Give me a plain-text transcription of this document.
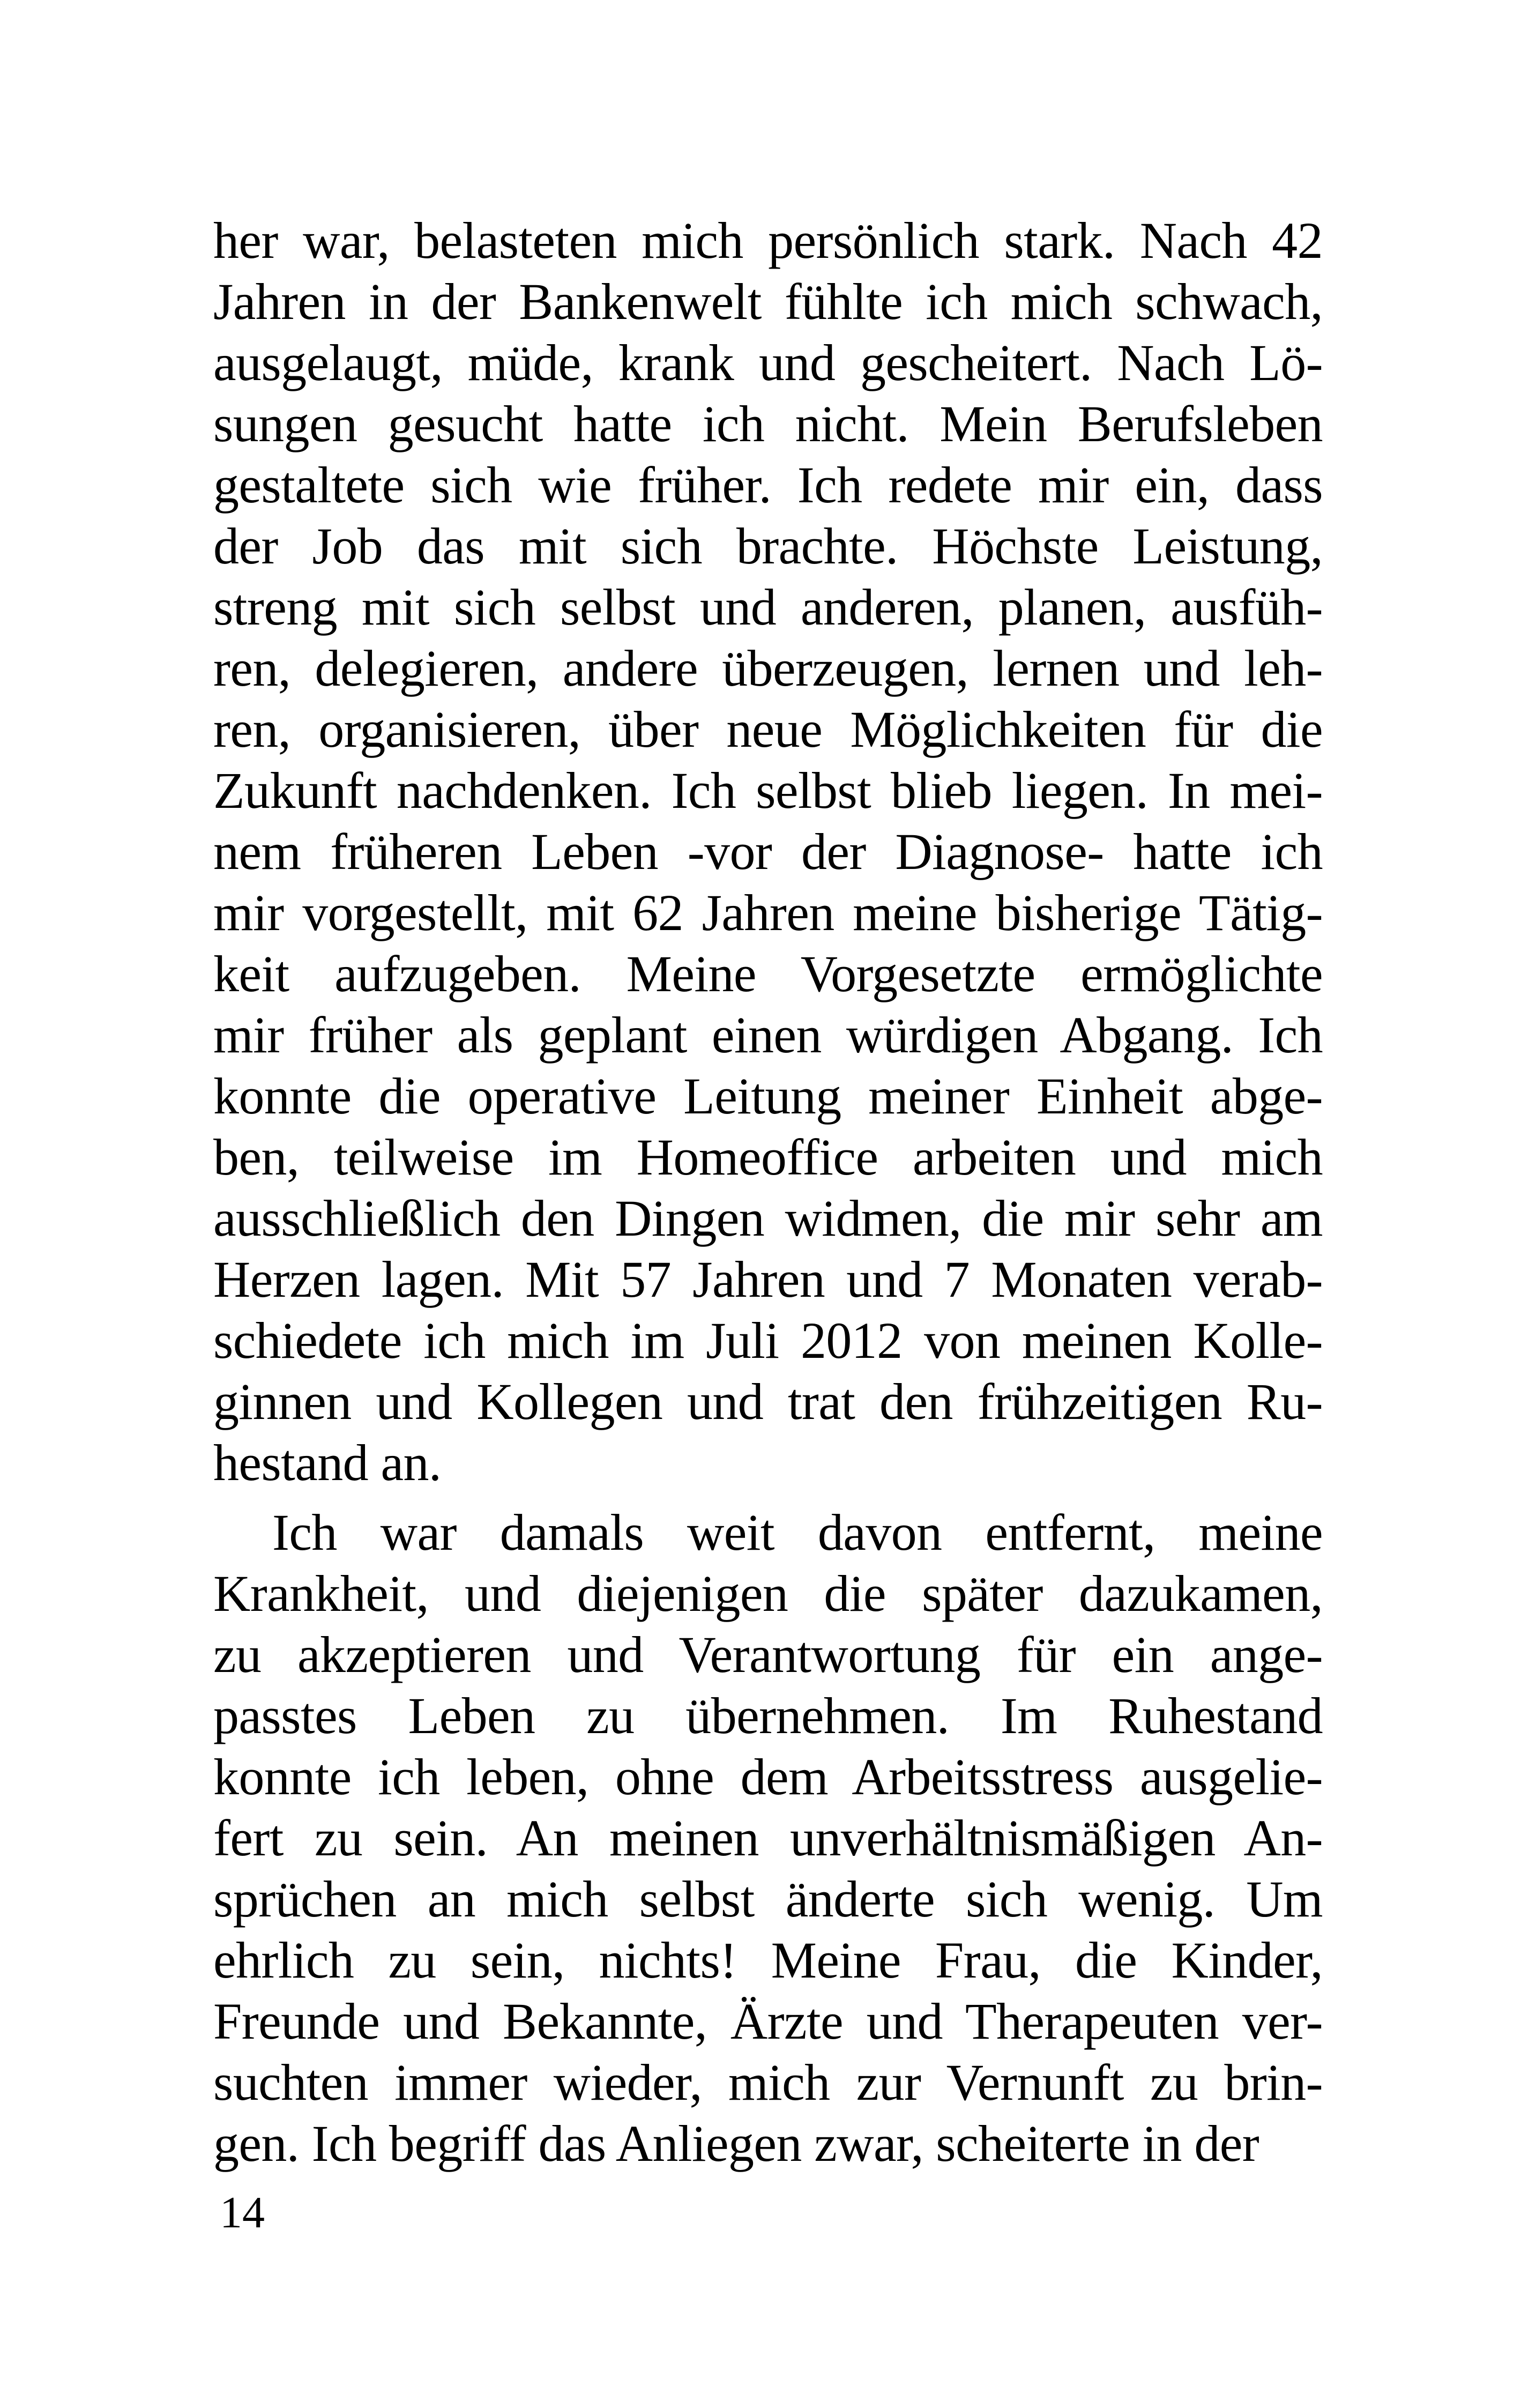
her war, belasteten mich persönlich stark. Nach 42
Jahren in der Bankenwelt fühlte ich mich schwach,
ausgelaugt, müde, krank und gescheitert. Nach Lö-
sungen gesucht hatte ich nicht. Mein Berufsleben
gestaltete sich wie früher. Ich redete mir ein, dass
der Job das mit sich brachte. Höchste Leistung,
streng mit sich selbst und anderen, planen, ausfüh-
ren, delegieren, andere überzeugen, lernen und leh-
ren, organisieren, über neue Möglichkeiten für die
Zukunft nachdenken. Ich selbst blieb liegen. In mei-
nem früheren Leben -vor der Diagnose- hatte ich
mir vorgestellt, mit 62 Jahren meine bisherige Tätig-
keit aufzugeben. Meine Vorgesetzte ermöglichte
mir früher als geplant einen würdigen Abgang. Ich
konnte die operative Leitung meiner Einheit abge-
ben, teilweise im Homeoffice arbeiten und mich
ausschließlich den Dingen widmen, die mir sehr am
Herzen lagen. Mit 57 Jahren und 7 Monaten verab-
schiedete ich mich im Juli 2012 von meinen Kolle-
ginnen und Kollegen und trat den frühzeitigen Ru-
hestand an.
Ich war damals weit davon entfernt, meine
Krankheit, und diejenigen die später dazukamen,
zu akzeptieren und Verantwortung für ein ange-
passtes Leben zu übernehmen. Im Ruhestand
konnte ich leben, ohne dem Arbeitsstress ausgelie-
fert zu sein. An meinen unverhältnismäßigen An-
sprüchen an mich selbst änderte sich wenig. Um
ehrlich zu sein, nichts! Meine Frau, die Kinder,
Freunde und Bekannte, Ärzte und Therapeuten ver-
suchten immer wieder, mich zur Vernunft zu brin-
gen. Ich begriff das Anliegen zwar, scheiterte in der
14
